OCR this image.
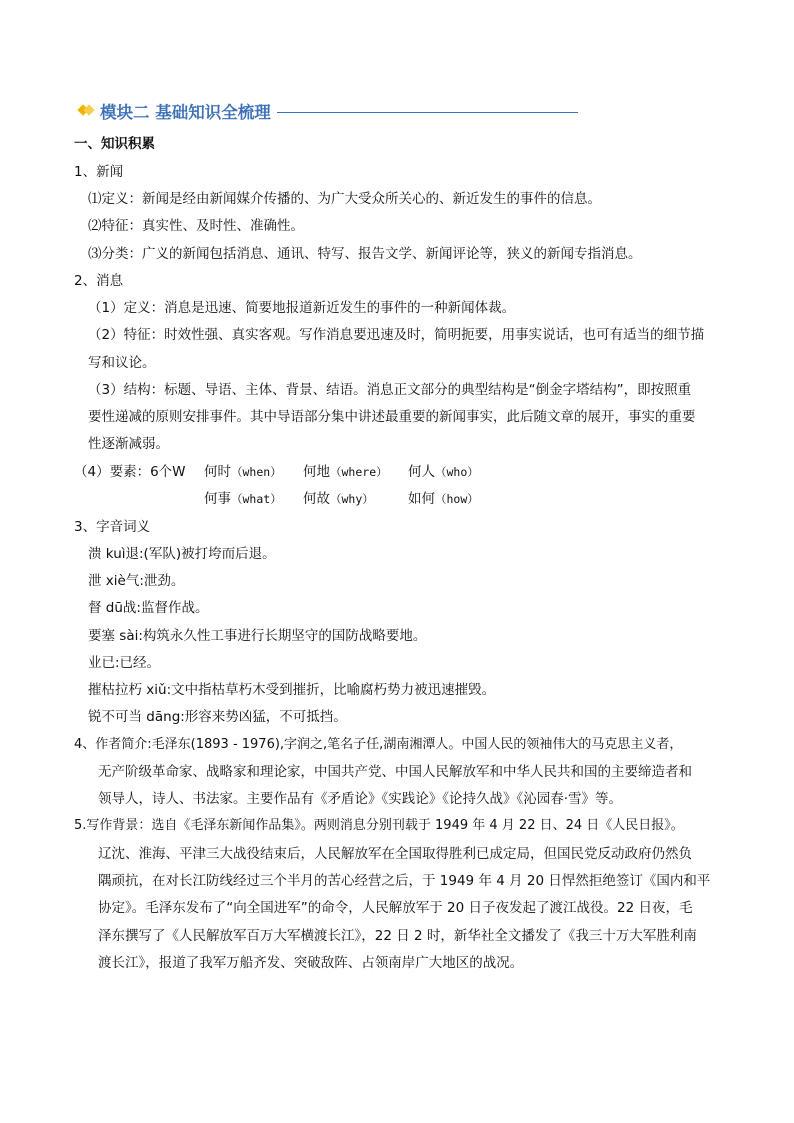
模块二 基础知识全梳理
一、知识积累
1、新闻
⑴定义：新闻是经由新闻媒介传播的、为广大受众所关心的、新近发生的事件的信息。
⑵特征：真实性、及时性、准确性。
⑶分类：广义的新闻包括消息、通讯、特写、报告文学、新闻评论等，狭义的新闻专指消息。
2、消息
（1）定义：消息是迅速、简要地报道新近发生的事件的一种新闻体裁。
（2）特征：时效性强、真实客观。写作消息要迅速及时，简明扼要，用事实说话，也可有适当的细节描
写和议论。
（3）结构：标题、导语、主体、背景、结语。消息正文部分的典型结构是“倒金字塔结构”，即按照重
要性递减的原则安排事件。其中导语部分集中讲述最重要的新闻事实，此后随文章的展开，事实的重要
性逐渐减弱。
（4）要素：6个W 何时（when） 何地（where） 何人（who）
何事（what） 何故（why）	如何（how）
3、字音词义
溃 kuì退:(军队)被打垮而后退。
泄 xiè气:泄劲。
督 dū战:监督作战。
要塞 sài:构筑永久性工事进行长期坚守的国防战略要地。
业已:已经。
摧枯拉朽 xiǔ:文中指枯草朽木受到摧折，比喻腐朽势力被迅速摧毁。
锐不可当 dāng:形容来势凶猛，不可抵挡。
4、作者简介:毛泽东(1893 - 1976),字润之,笔名子任,湖南湘潭人。中国人民的领袖伟大的马克思主义者，
无产阶级革命家、战略家和理论家，中国共产党、中国人民解放军和中华人民共和国的主要缔造者和
领导人，诗人、书法家。主要作品有《矛盾论》《实践论》《论持久战》《沁园春·雪》等。
5.写作背景：选自《毛泽东新闻作品集》。两则消息分别刊载于 1949 年 4 月 22 日、24 日《人民日报》。
辽沈、淮海、平津三大战役结束后，人民解放军在全国取得胜利已成定局，但国民党反动政府仍然负
隅顽抗，在对长江防线经过三个半月的苦心经营之后，于 1949 年 4 月 20 日悍然拒绝签订《国内和平
协定》。毛泽东发布了“向全国进军”的命令，人民解放军于 20 日子夜发起了渡江战役。22 日夜，毛
泽东撰写了《人民解放军百万大军横渡长江》，22 日 2 时，新华社全文播发了《我三十万大军胜利南
渡长江》，报道了我军万船齐发、突破敌阵、占领南岸广大地区的战况。
